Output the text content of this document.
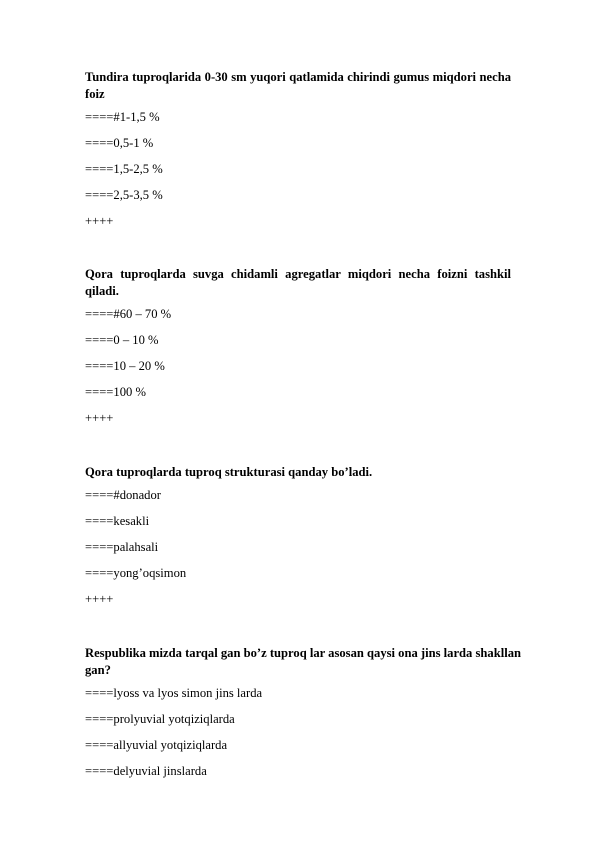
Tundira tuproqlarida 0-30 sm yuqori qatlamida chirindi gumus miqdori necha foiz

====#1-1,5 %
====0,5-1 %
====1,5-2,5 %
====2,5-3,5 %
++++

Qora tuproqlarda suvga chidamli agregatlar miqdori necha foizni tashkil qiladi.

====#60 – 70 %
====0 – 10 %
====10 – 20 %
====100 %
++++

Qora tuproqlarda tuproq strukturasi qanday bo’ladi.

====#donador
====kesakli
====palahsali
====yong’oqsimon
++++

Respublika mizda tarqal gan bo’z tuproq lar asosan qaysi ona jins larda shakllan gan?

====lyoss va lyos simon jins larda
====prolyuvial yotqiziqlarda
====allyuvial yotqiziqlarda
====delyuvial jinslarda
